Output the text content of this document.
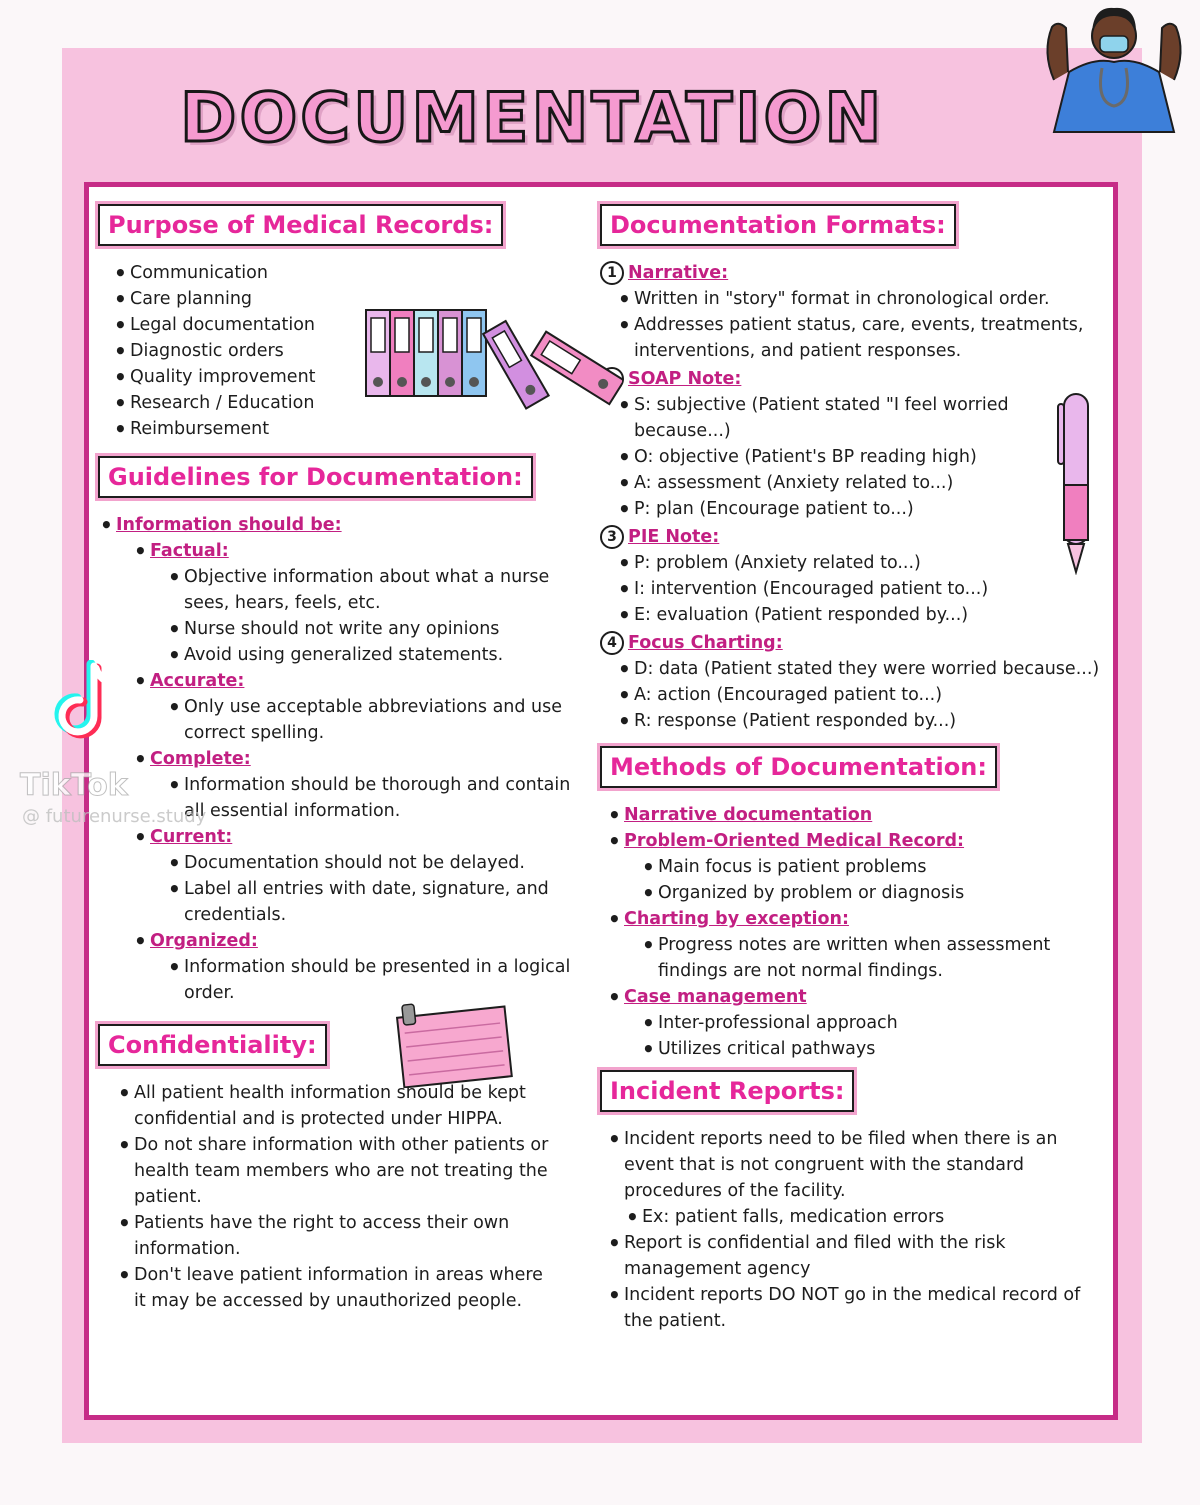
DOCUMENTATION
Purpose of Medical Records:
• Communication
• Care planning
• Legal documentation
• Diagnostic orders
• Quality improvement
• Research / Education
• Reimbursement
Guidelines for Documentation:
• Information should be:
• Factual:
• Objective information about what a nurse sees, hears, feels, etc.
• Nurse should not write any opinions
• Avoid using generalized statements.
• Accurate:
• Only use acceptable abbreviations and use correct spelling.
• Complete:
• Information should be thorough and contain all essential information.
• Current:
• Documentation should not be delayed.
• Label all entries with date, signature, and credentials.
• Organized:
• Information should be presented in a logical order.
Confidentiality:
• All patient health information should be kept confidential and is protected under HIPPA.
• Do not share information with other patients or health team members who are not treating the patient.
• Patients have the right to access their own information.
• Don't leave patient information in areas where it may be accessed by unauthorized people.
Documentation Formats:
1 Narrative:
• Written in "story" format in chronological order.
• Addresses patient status, care, events, treatments, interventions, and patient responses.
SOAP Note:
• S: subjective (Patient stated "I feel worried because...)
• O: objective (Patient's BP reading high)
• A: assessment (Anxiety related to...)
• P: plan (Encourage patient to...)
3 PIE Note:
• P: problem (Anxiety related to...)
• I: intervention (Encouraged patient to...)
• E: evaluation (Patient responded by...)
4 Focus Charting:
• D: data (Patient stated they were worried because...)
• A: action (Encouraged patient to...)
• R: response (Patient responded by...)
Methods of Documentation:
• Narrative documentation
• Problem-Oriented Medical Record:
• Main focus is patient problems
• Organized by problem or diagnosis
• Charting by exception:
• Progress notes are written when assessment findings are not normal findings.
• Case management
• Inter-professional approach
• Utilizes critical pathways
Incident Reports:
• Incident reports need to be filed when there is an event that is not congruent with the standard procedures of the facility.
• Ex: patient falls, medication errors
• Report is confidential and filed with the risk management agency
• Incident reports DO NOT go in the medical record of the patient.
TikTok
@ futurenurse.study
